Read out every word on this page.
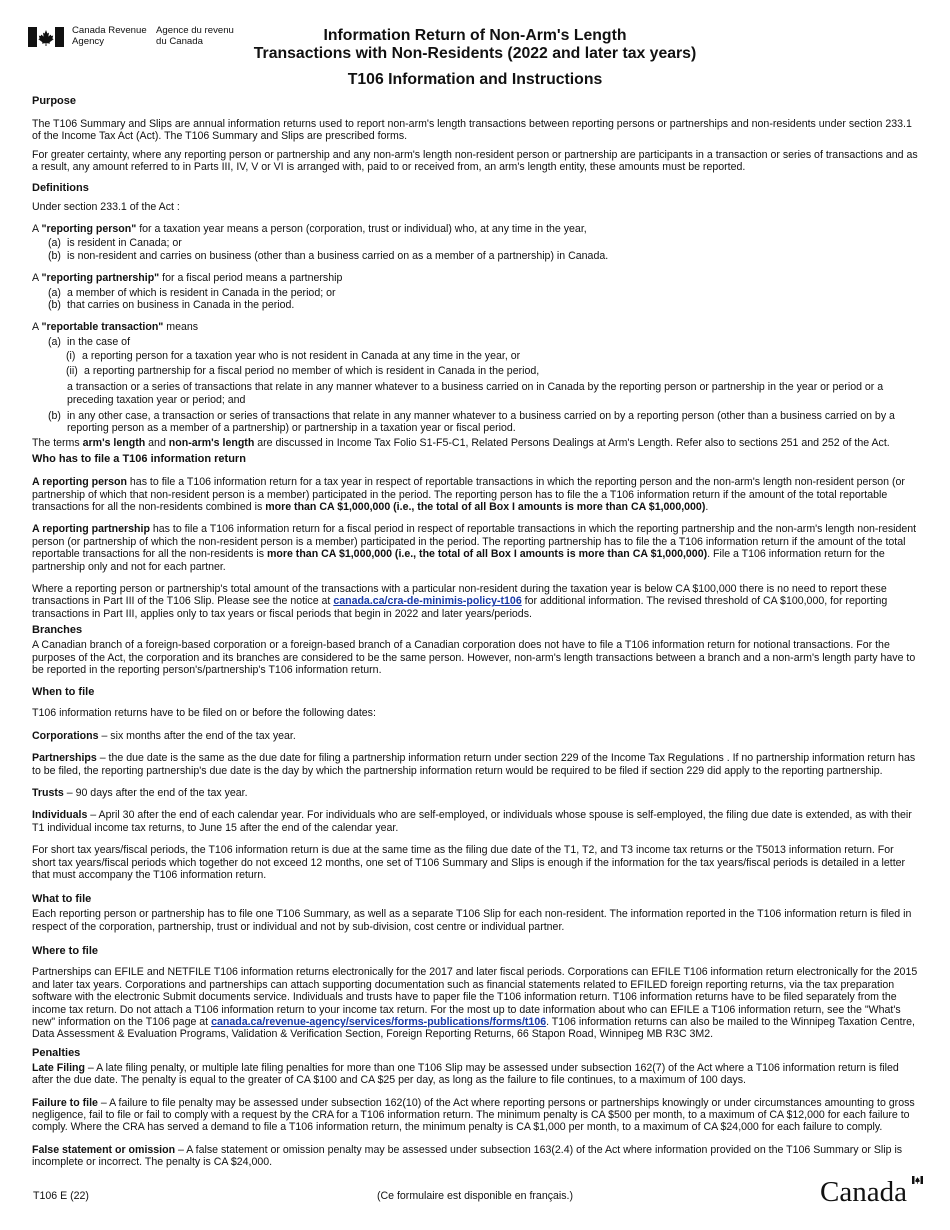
Canada Revenue Agency
Agence du revenu du Canada	Information Return of Non-Arm's Length
Transactions with Non-Residents (2022 and later tax years)
T106 Information and Instructions
Purpose

The T106 Summary and Slips are annual information returns used to report non-arm's length transactions between reporting persons or partnerships and non-residents under section 233.1 of the Income Tax Act (Act). The T106 Summary and Slips are prescribed forms.

For greater certainty, where any reporting person or partnership and any non-arm's length non-resident person or partnership are participants in a transaction or series of transactions and as a result, any amount referred to in Parts III, IV, V or VI is arranged with, paid to or received from, an arm's length entity, these amounts must be reported.

Definitions

Under section 233.1 of the Act :

A "reporting person" for a taxation year means a person (corporation, trust or individual) who, at any time in the year,
(a) is resident in Canada; or
(b) is non-resident and carries on business (other than a business carried on as a member of a partnership) in Canada.
A "reporting partnership" for a fiscal period means a partnership
(a) a member of which is resident in Canada in the period; or
(b) that carries on business in Canada in the period.
A "reportable transaction" means
(a) in the case of
(i) a reporting person for a taxation year who is not resident in Canada at any time in the year, or
(ii) a reporting partnership for a fiscal period no member of which is resident in Canada in the period,
a transaction or a series of transactions that relate in any manner whatever to a business carried on in Canada by the reporting person or partnership in the year or period or a preceding taxation year or period; and
(b) in any other case, a transaction or series of transactions that relate in any manner whatever to a business carried on by a reporting person (other than a business carried on by a reporting person as a member of a partnership) or partnership in a taxation year or fiscal period.

The terms arm's length and non-arm's length are discussed in Income Tax Folio S1-F5-C1, Related Persons Dealings at Arm's Length. Refer also to sections 251 and 252 of the Act.

Who has to file a T106 information return

A reporting person has to file a T106 information return for a tax year in respect of reportable transactions in which the reporting person and the non-arm's length non-resident person (or partnership of which that non-resident person is a member) participated in the period. The reporting person has to file the a T106 information return if the amount of the total reportable transactions for all the non-residents combined is more than CA $1,000,000 (i.e., the total of all Box I amounts is more than CA $1,000,000).

A reporting partnership has to file a T106 information return for a fiscal period in respect of reportable transactions in which the reporting partnership and the non-arm's length non-resident person (or partnership of which the non-resident person is a member) participated in the period. The reporting partnership has to file the a T106 information return if the amount of the total reportable transactions for all the non-residents is more than CA $1,000,000 (i.e., the total of all Box I amounts is more than CA $1,000,000). File a T106 information return for the partnership only and not for each partner.

Where a reporting person or partnership's total amount of the transactions with a particular non-resident during the taxation year is below CA $100,000 there is no need to report these transactions in Part III of the T106 Slip. Please see the notice at canada.ca/cra-de-minimis-policy-t106 for additional information. The revised threshold of CA $100,000, for reporting transactions in Part III, applies only to tax years or fiscal periods that begin in 2022 and later years/periods.

Branches

A Canadian branch of a foreign-based corporation or a foreign-based branch of a Canadian corporation does not have to file a T106 information return for notional transactions. For the purposes of the Act, the corporation and its branches are considered to be the same person. However, non-arm's length transactions between a branch and a non-arm's length party have to be reported in the reporting person's/partnership's T106 information return.

When to file

T106 information returns have to be filed on or before the following dates:

Corporations – six months after the end of the tax year.

Partnerships – the due date is the same as the due date for filing a partnership information return under section 229 of the Income Tax Regulations . If no partnership information return has to be filed, the reporting partnership's due date is the day by which the partnership information return would be required to be filed if section 229 did apply to the reporting partnership.

Trusts – 90 days after the end of the tax year.

Individuals – April 30 after the end of each calendar year. For individuals who are self-employed, or individuals whose spouse is self-employed, the filing due date is extended, as with their T1 individual income tax returns, to June 15 after the end of the calendar year.

For short tax years/fiscal periods, the T106 information return is due at the same time as the filing due date of the T1, T2, and T3 income tax returns or the T5013 information return. For short tax years/fiscal periods which together do not exceed 12 months, one set of T106 Summary and Slips is enough if the information for the tax years/fiscal periods is detailed in a letter that must accompany the T106 information return.

What to file

Each reporting person or partnership has to file one T106 Summary, as well as a separate T106 Slip for each non-resident. The information reported in the T106 information return is filed in respect of the corporation, partnership, trust or individual and not by sub-division, cost centre or individual partner.

Where to file

Partnerships can EFILE and NETFILE T106 information returns electronically for the 2017 and later fiscal periods. Corporations can EFILE T106 information return electronically for the 2015 and later tax years. Corporations and partnerships can attach supporting documentation such as financial statements related to EFILED foreign reporting returns, via the tax preparation software with the electronic Submit documents service. Individuals and trusts have to paper file the T106 information return. T106 information returns have to be filed separately from the income tax return. Do not attach a T106 information return to your income tax return. For the most up to date information about who can EFILE a T106 information return, see the "What's new" information on the T106 page at canada.ca/revenue-agency/services/forms-publications/forms/t106. T106 information returns can also be mailed to the Winnipeg Taxation Centre, Data Assessment & Evaluation Programs, Validation & Verification Section, Foreign Reporting Returns, 66 Stapon Road, Winnipeg MB R3C 3M2.

Penalties

Late Filing – A late filing penalty, or multiple late filing penalties for more than one T106 Slip may be assessed under subsection 162(7) of the Act where a T106 information return is filed after the due date. The penalty is equal to the greater of CA $100 and CA $25 per day, as long as the failure to file continues, to a maximum of 100 days.

Failure to file – A failure to file penalty may be assessed under subsection 162(10) of the Act where reporting persons or partnerships knowingly or under circumstances amounting to gross negligence, fail to file or fail to comply with a request by the CRA for a T106 information return. The minimum penalty is CA $500 per month, to a maximum of CA $12,000 for each failure to comply. Where the CRA has served a demand to file a T106 information return, the minimum penalty is CA $1,000 per month, to a maximum of CA $24,000 for each failure to comply.

False statement or omission – A false statement or omission penalty may be assessed under subsection 163(2.4) of the Act where information provided on the T106 Summary or Slip is incomplete or incorrect. The penalty is CA $24,000.

T106 E (22)	(Ce formulaire est disponible en français.)	Canada
